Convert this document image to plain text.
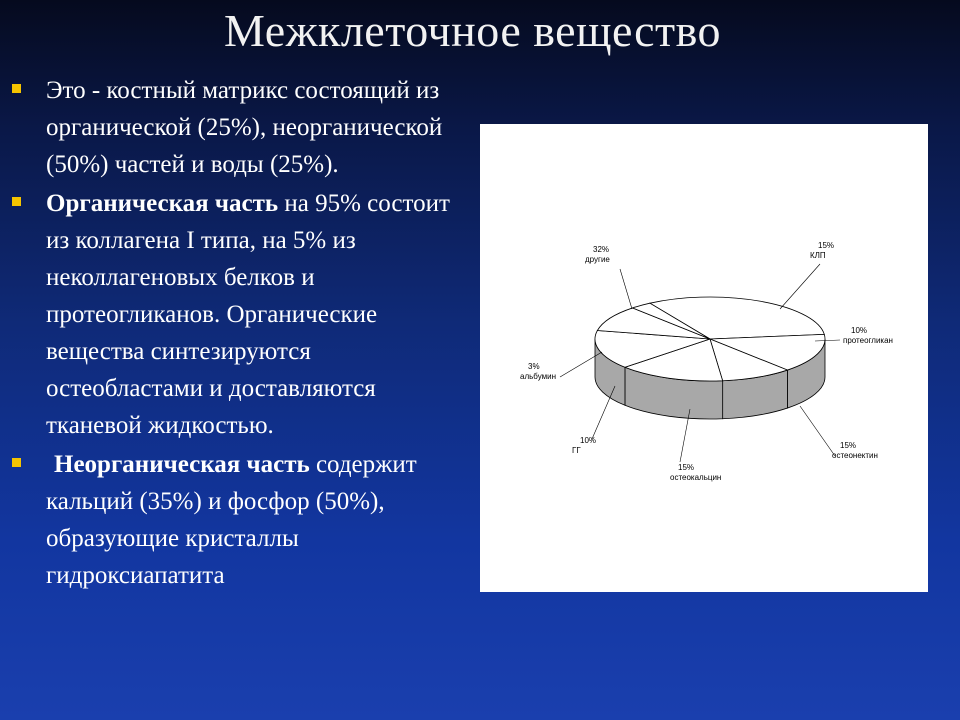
Межклеточное вещество
Это - костный матрикс состоящий из органической (25%), неорганической (50%) частей и воды (25%).
Органическая часть на 95% состоит из коллагена I типа, на 5% из неколлагеновых белков и протеогликанов. Органические вещества синтезируются остеобластами и доставляются тканевой жидкостью.
Неорганическая часть содержит кальций (35%) и фосфор (50%), образующие кристаллы гидроксиапатита
32%
другие
15%
КЛП
10%
протеогликан
15%
остеонектин
15%
остеокальцин
10%
ГГ
3%
альбумин
